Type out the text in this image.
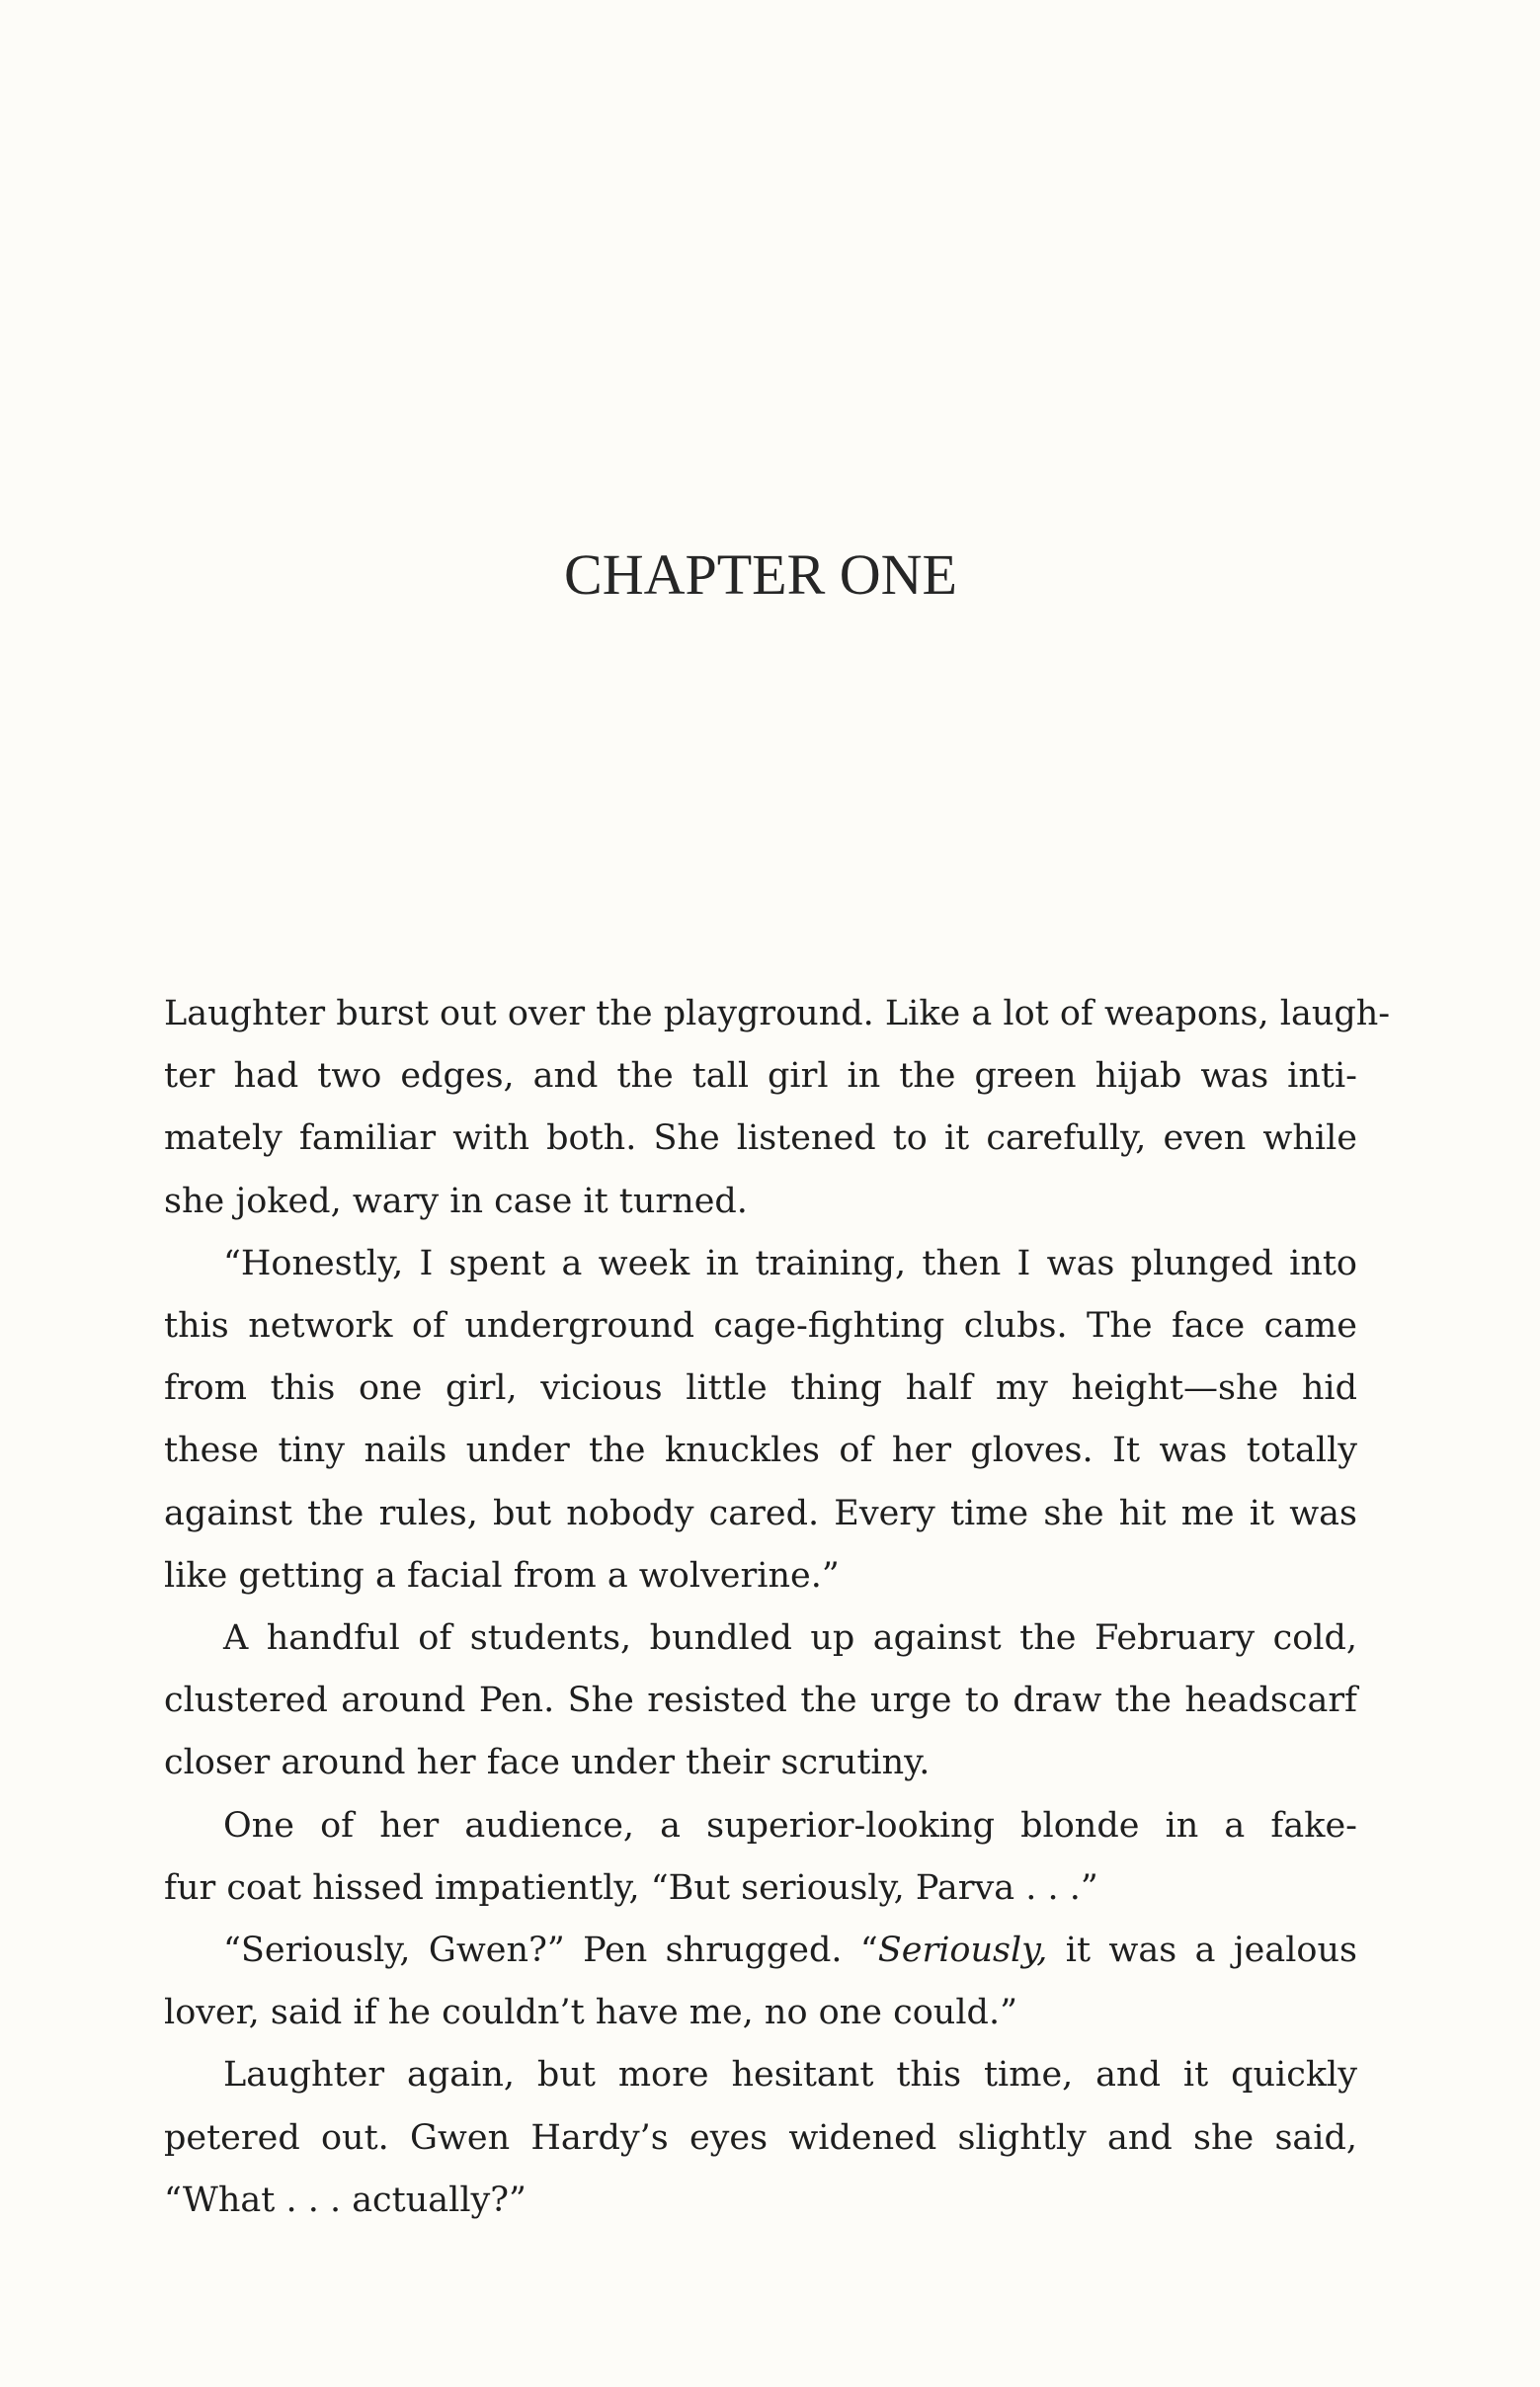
CHAPTER ONE
Laughter burst out over the playground. Like a lot of weapons, laugh-
ter had two edges, and the tall girl in the green hijab was inti-
mately familiar with both. She listened to it carefully, even while
she joked, wary in case it turned.
“Honestly, I spent a week in training, then I was plunged into
this network of underground cage-fighting clubs. The face came
from this one girl, vicious little thing half my height—she hid
these tiny nails under the knuckles of her gloves. It was totally
against the rules, but nobody cared. Every time she hit me it was
like getting a facial from a wolverine.”
A handful of students, bundled up against the February cold,
clustered around Pen. She resisted the urge to draw the headscarf
closer around her face under their scrutiny.
One of her audience, a superior-looking blonde in a fake-
fur coat hissed impatiently, “But seriously, Parva . . .”
“Seriously, Gwen?” Pen shrugged. “Seriously, it was a jealous
lover, said if he couldn’t have me, no one could.”
Laughter again, but more hesitant this time, and it quickly
petered out. Gwen Hardy’s eyes widened slightly and she said,
“What . . . actually?”
